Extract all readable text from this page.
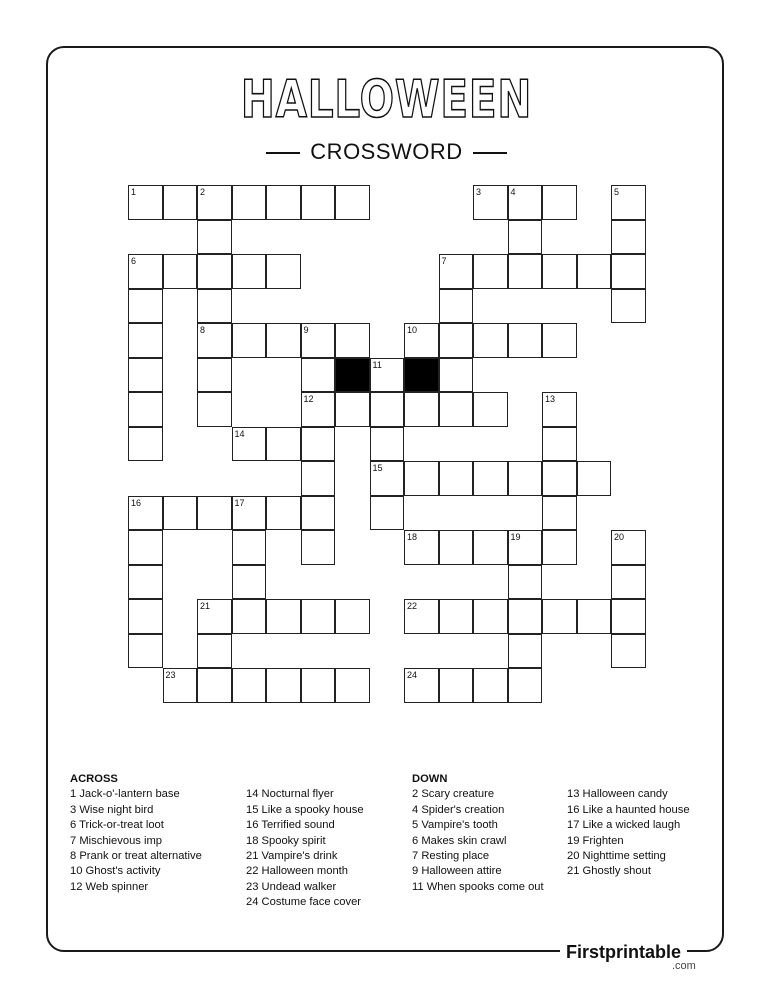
HALLOWEEN
CROSSWORD
1	2	3	4	5
6	7
8	9	10
11
12	13
14
15
16	17
18	19	20
21	22
23	24
ACROSS
1 Jack-o'-lantern base
3 Wise night bird
6 Trick-or-treat loot
7 Mischievous imp
8 Prank or treat alternative
10 Ghost's activity
12 Web spinner
14 Nocturnal flyer
15 Like a spooky house
16 Terrified sound
18 Spooky spirit
21 Vampire's drink
22 Halloween month
23 Undead walker
24 Costume face cover
DOWN
2 Scary creature
4 Spider's creation
5 Vampire's tooth
6 Makes skin crawl
7 Resting place
9 Halloween attire
11 When spooks come out
13 Halloween candy
16 Like a haunted house
17 Like a wicked laugh
19 Frighten
20 Nighttime setting
21 Ghostly shout
Firstprintable
.com
